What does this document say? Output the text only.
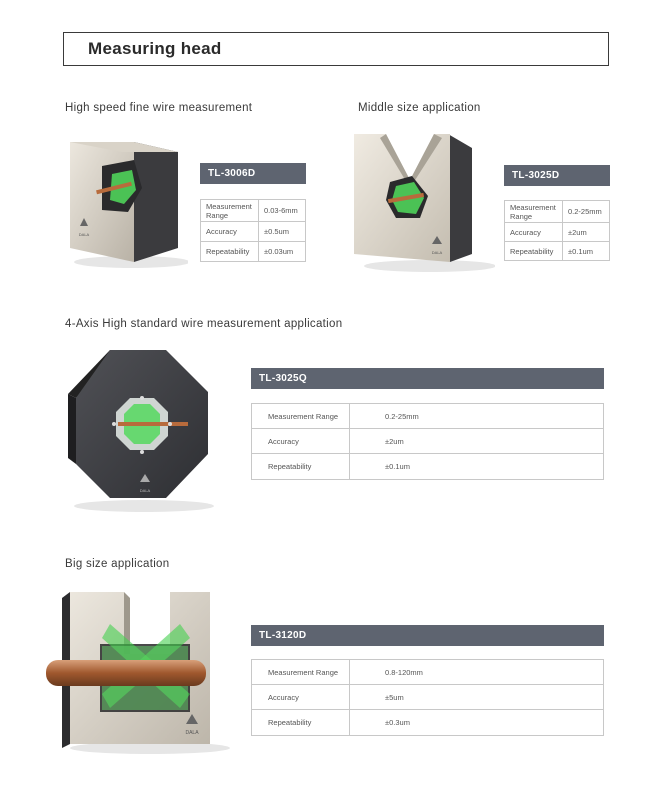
Measuring head
High speed fine wire measurement
DALA
TL-3006D
Measurement Range	0.03-6mm
Accuracy	±0.5um
Repeatability	±0.03um
Middle size application
DALA
TL-3025D
Measurement Range	0.2-25mm
Accuracy	±2um
Repeatability	±0.1um
4-Axis High standard wire measurement application
DALA
TL-3025Q
Measurement Range	0.2-25mm
Accuracy	±2um
Repeatability	±0.1um
Big size application
DALA
TL-3120D
Measurement Range	0.8-120mm
Accuracy	±5um
Repeatability	±0.3um
